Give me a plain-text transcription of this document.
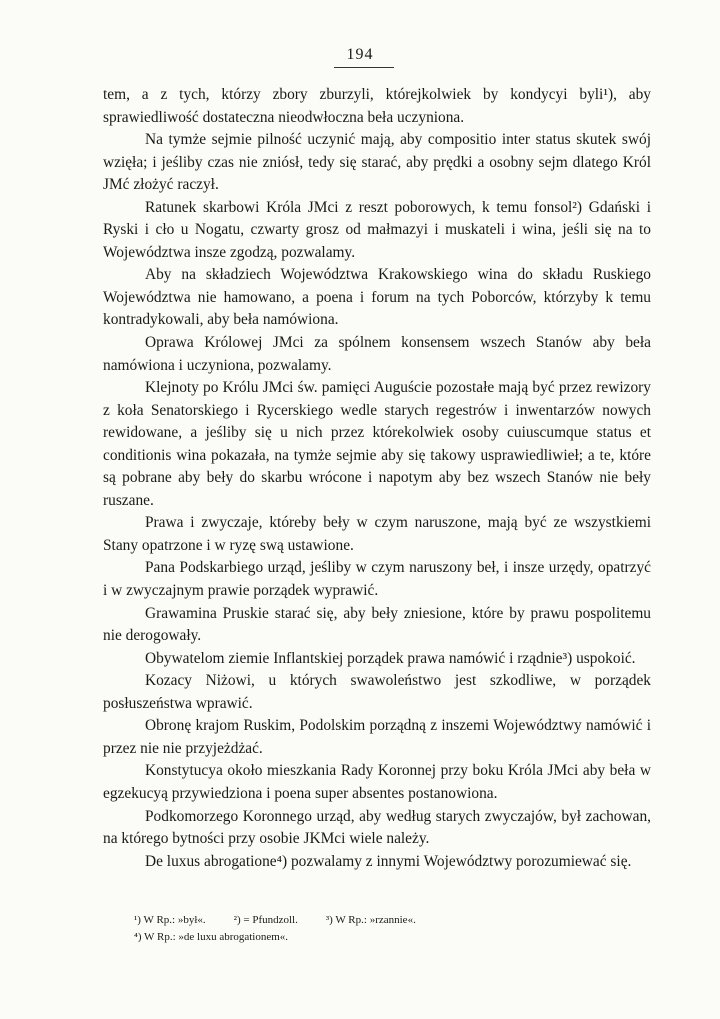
194

tem, a z tych, którzy zbory zburzyli, którejkolwiek by kondycyi byli¹), aby sprawiedliwość dostateczna nieodwłoczna beła uczyniona.

Na tymże sejmie pilność uczynić mają, aby compositio inter status skutek swój wzięła; i jeśliby czas nie zniósł, tedy się starać, aby prędki a osobny sejm dlatego Król JMć złożyć raczył.

Ratunek skarbowi Króla JMci z reszt poborowych, k temu fonsol²) Gdański i Ryski i cło u Nogatu, czwarty grosz od małmazyi i muskateli i wina, jeśli się na to Województwa insze zgodzą, pozwalamy.

Aby na składziech Województwa Krakowskiego wina do składu Ruskiego Województwa nie hamowano, a poena i forum na tych Poborców, którzyby k temu kontradykowali, aby beła namówiona.

Oprawa Królowej JMci za spólnem konsensem wszech Stanów aby beła namówiona i uczyniona, pozwalamy.

Klejnoty po Królu JMci św. pamięci Auguście pozostałe mają być przez rewizory z koła Senatorskiego i Rycerskiego wedle starych regestrów i inwentarzów nowych rewidowane, a jeśliby się u nich przez którekolwiek osoby cuiuscumque status et conditionis wina pokazała, na tymże sejmie aby się takowy usprawiedliwieł; a te, które są pobrane aby beły do skarbu wrócone i napotym aby bez wszech Stanów nie beły ruszane.

Prawa i zwyczaje, któreby beły w czym naruszone, mają być ze wszystkiemi Stany opatrzone i w ryzę swą ustawione.

Pana Podskarbiego urząd, jeśliby w czym naruszony beł, i insze urzędy, opatrzyć i w zwyczajnym prawie porządek wyprawić.

Grawamina Pruskie starać się, aby beły zniesione, które by prawu pospolitemu nie derogowały.

Obywatelom ziemie Inflantskiej porządek prawa namówić i rządnie³) uspokoić.

Kozacy Niżowi, u których swawoleństwo jest szkodliwe, w porządek posłuszeństwa wprawić.

Obronę krajom Ruskim, Podolskim porządną z inszemi Województwy namówić i przez nie nie przyjeżdżać.

Konstytucya około mieszkania Rady Koronnej przy boku Króla JMci aby beła w egzekucyą przywiedziona i poena super absentes postanowiona.

Podkomorzego Koronnego urząd, aby według starych zwyczajów, był zachowan, na którego bytności przy osobie JKMci wiele należy.

De luxus abrogatione⁴) pozwalamy z innymi Województwy porozumiewać się.

¹) W Rp.: »był«.	²) = Pfundzoll.	³) W Rp.: »rzannie«.
⁴) W Rp.: »de luxu abrogationem«.
